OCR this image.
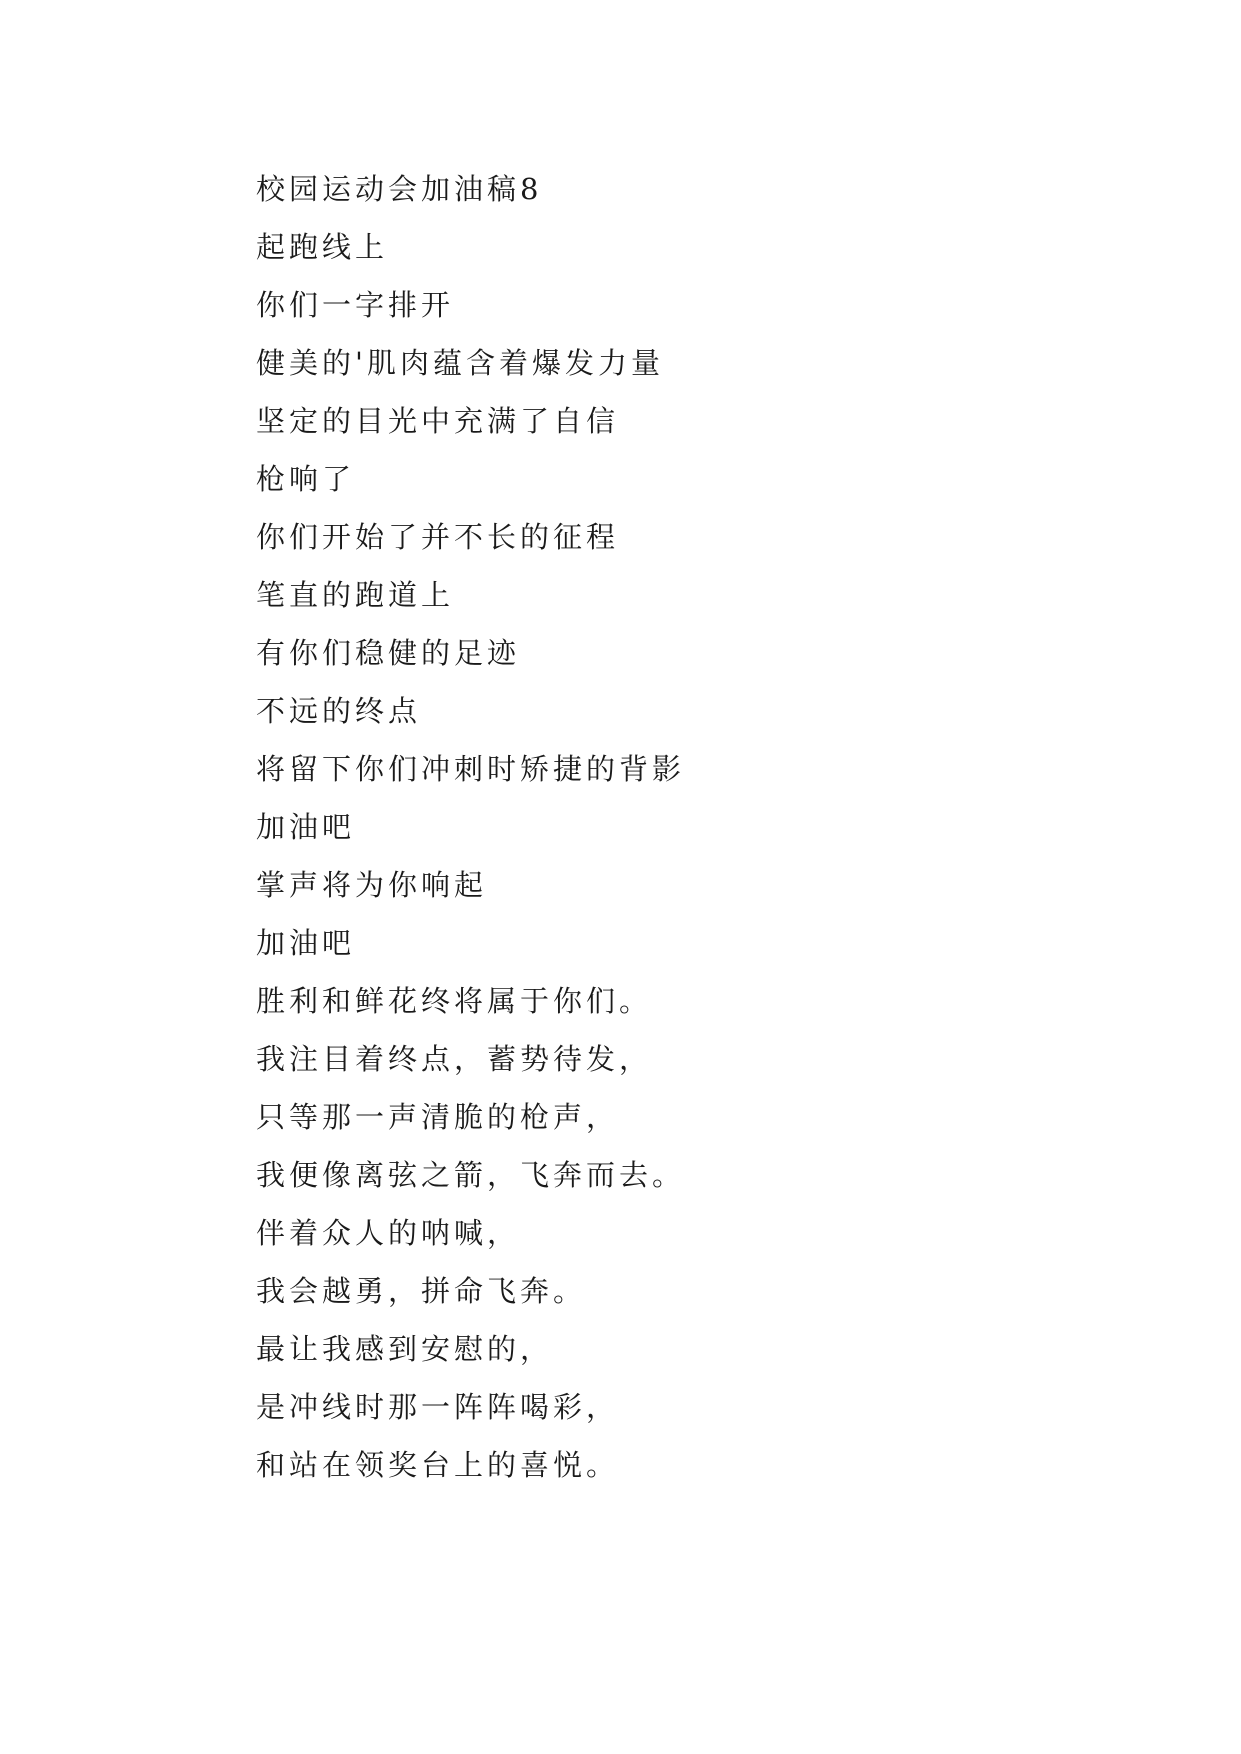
校园运动会加油稿8
起跑线上
你们一字排开
健美的'肌肉蕴含着爆发力量
坚定的目光中充满了自信
枪响了
你们开始了并不长的征程
笔直的跑道上
有你们稳健的足迹
不远的终点
将留下你们冲刺时矫捷的背影
加油吧
掌声将为你响起
加油吧
胜利和鲜花终将属于你们。
我注目着终点，蓄势待发，
只等那一声清脆的枪声，
我便像离弦之箭，飞奔而去。
伴着众人的呐喊，
我会越勇，拼命飞奔。
最让我感到安慰的，
是冲线时那一阵阵喝彩，
和站在领奖台上的喜悦。
